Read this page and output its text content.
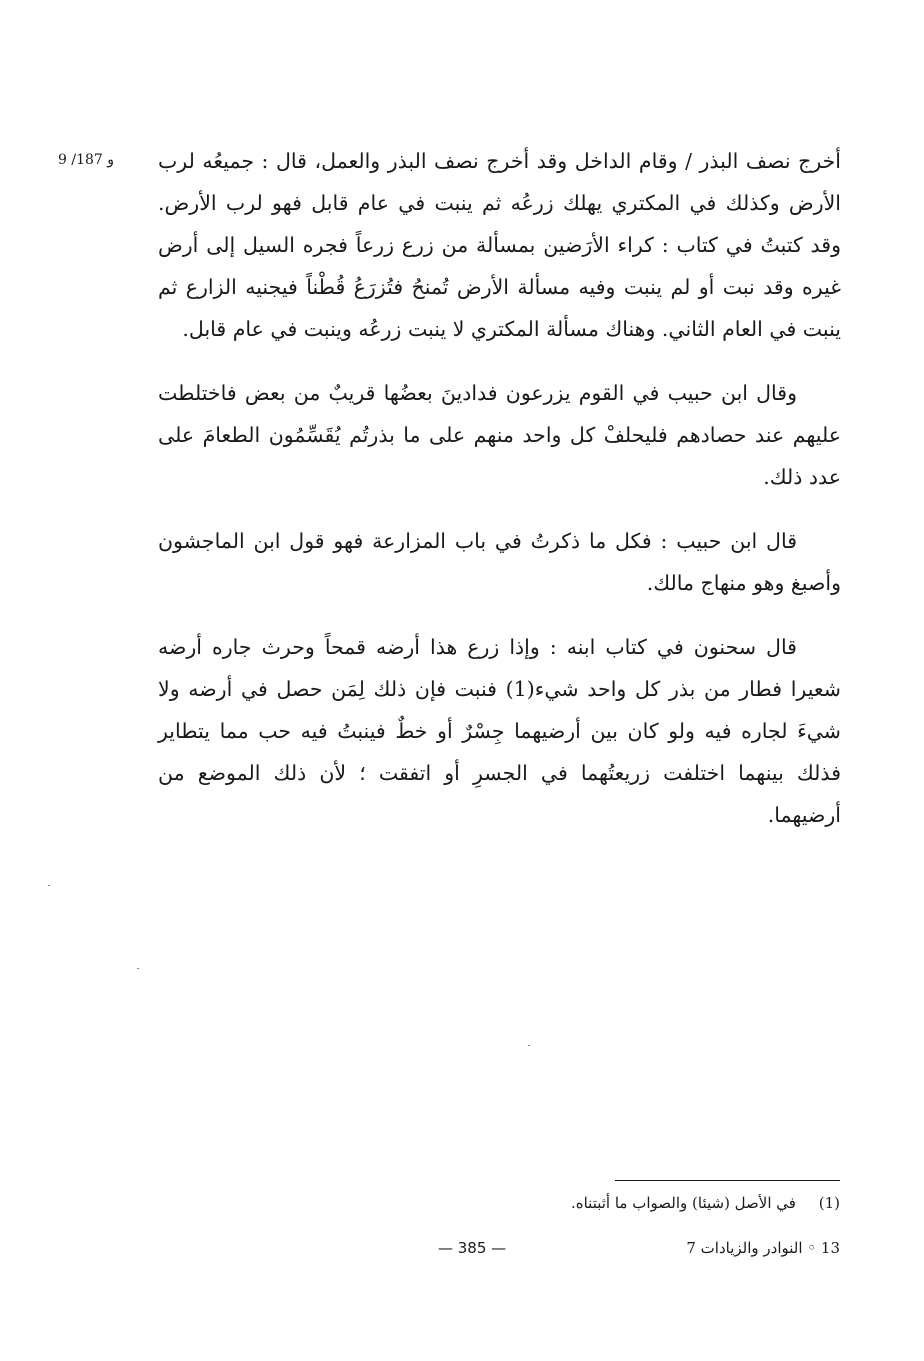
9 /187 و	أخرج نصف البذر / وقام الداخل وقد أخرج نصف البذر والعمل، قال : جميعُه لرب الأرض وكذلك في المكتري يهلك زرعُه ثم ينبت في عام قابل فهو لرب الأرض. وقد كتبتُ في كتاب : كراء الأرَضين بمسألة من زرع زرعاً فجره السيل إلى أرض غيره وقد نبت أو لم ينبت وفيه مسألة الأرض تُمنحُ فتُزرَعُ قُطْناً فيجنيه الزارع ثم ينبت في العام الثاني. وهناك مسألة المكتري لا ينبت زرعُه وينبت في عام قابل.

وقال ابن حبيب في القوم يزرعون فدادينَ بعضُها قريبٌ من بعض فاختلطت عليهم عند حصادهم فليحلفْ كل واحد منهم على ما بذرتُم يُقَسِّمُون الطعامَ على عدد ذلك.

قال ابن حبيب : فكل ما ذكرتُ في باب المزارعة فهو قول ابن الماجشون وأصبغ وهو منهاج مالك.

قال سحنون في كتاب ابنه : وإذا زرع هذا أرضه قمحاً وحرث جاره أرضه شعيرا فطار من بذر كل واحد شيء(1) فنبت فإن ذلك لِمَن حصل في أرضه ولا شيءَ لجاره فيه ولو كان بين أرضيهما جِسْرٌ أو خطٌ فينبتُ فيه حب مما يتطاير فذلك بينهما اختلفت زريعتُهما في الجسرِ أو اتفقت ؛ لأن ذلك الموضع من أرضيهما.

(1) في الأصل (شيئا) والصواب ما أثبتناه.
— 385 —	13 ◦ النوادر والزيادات 7
